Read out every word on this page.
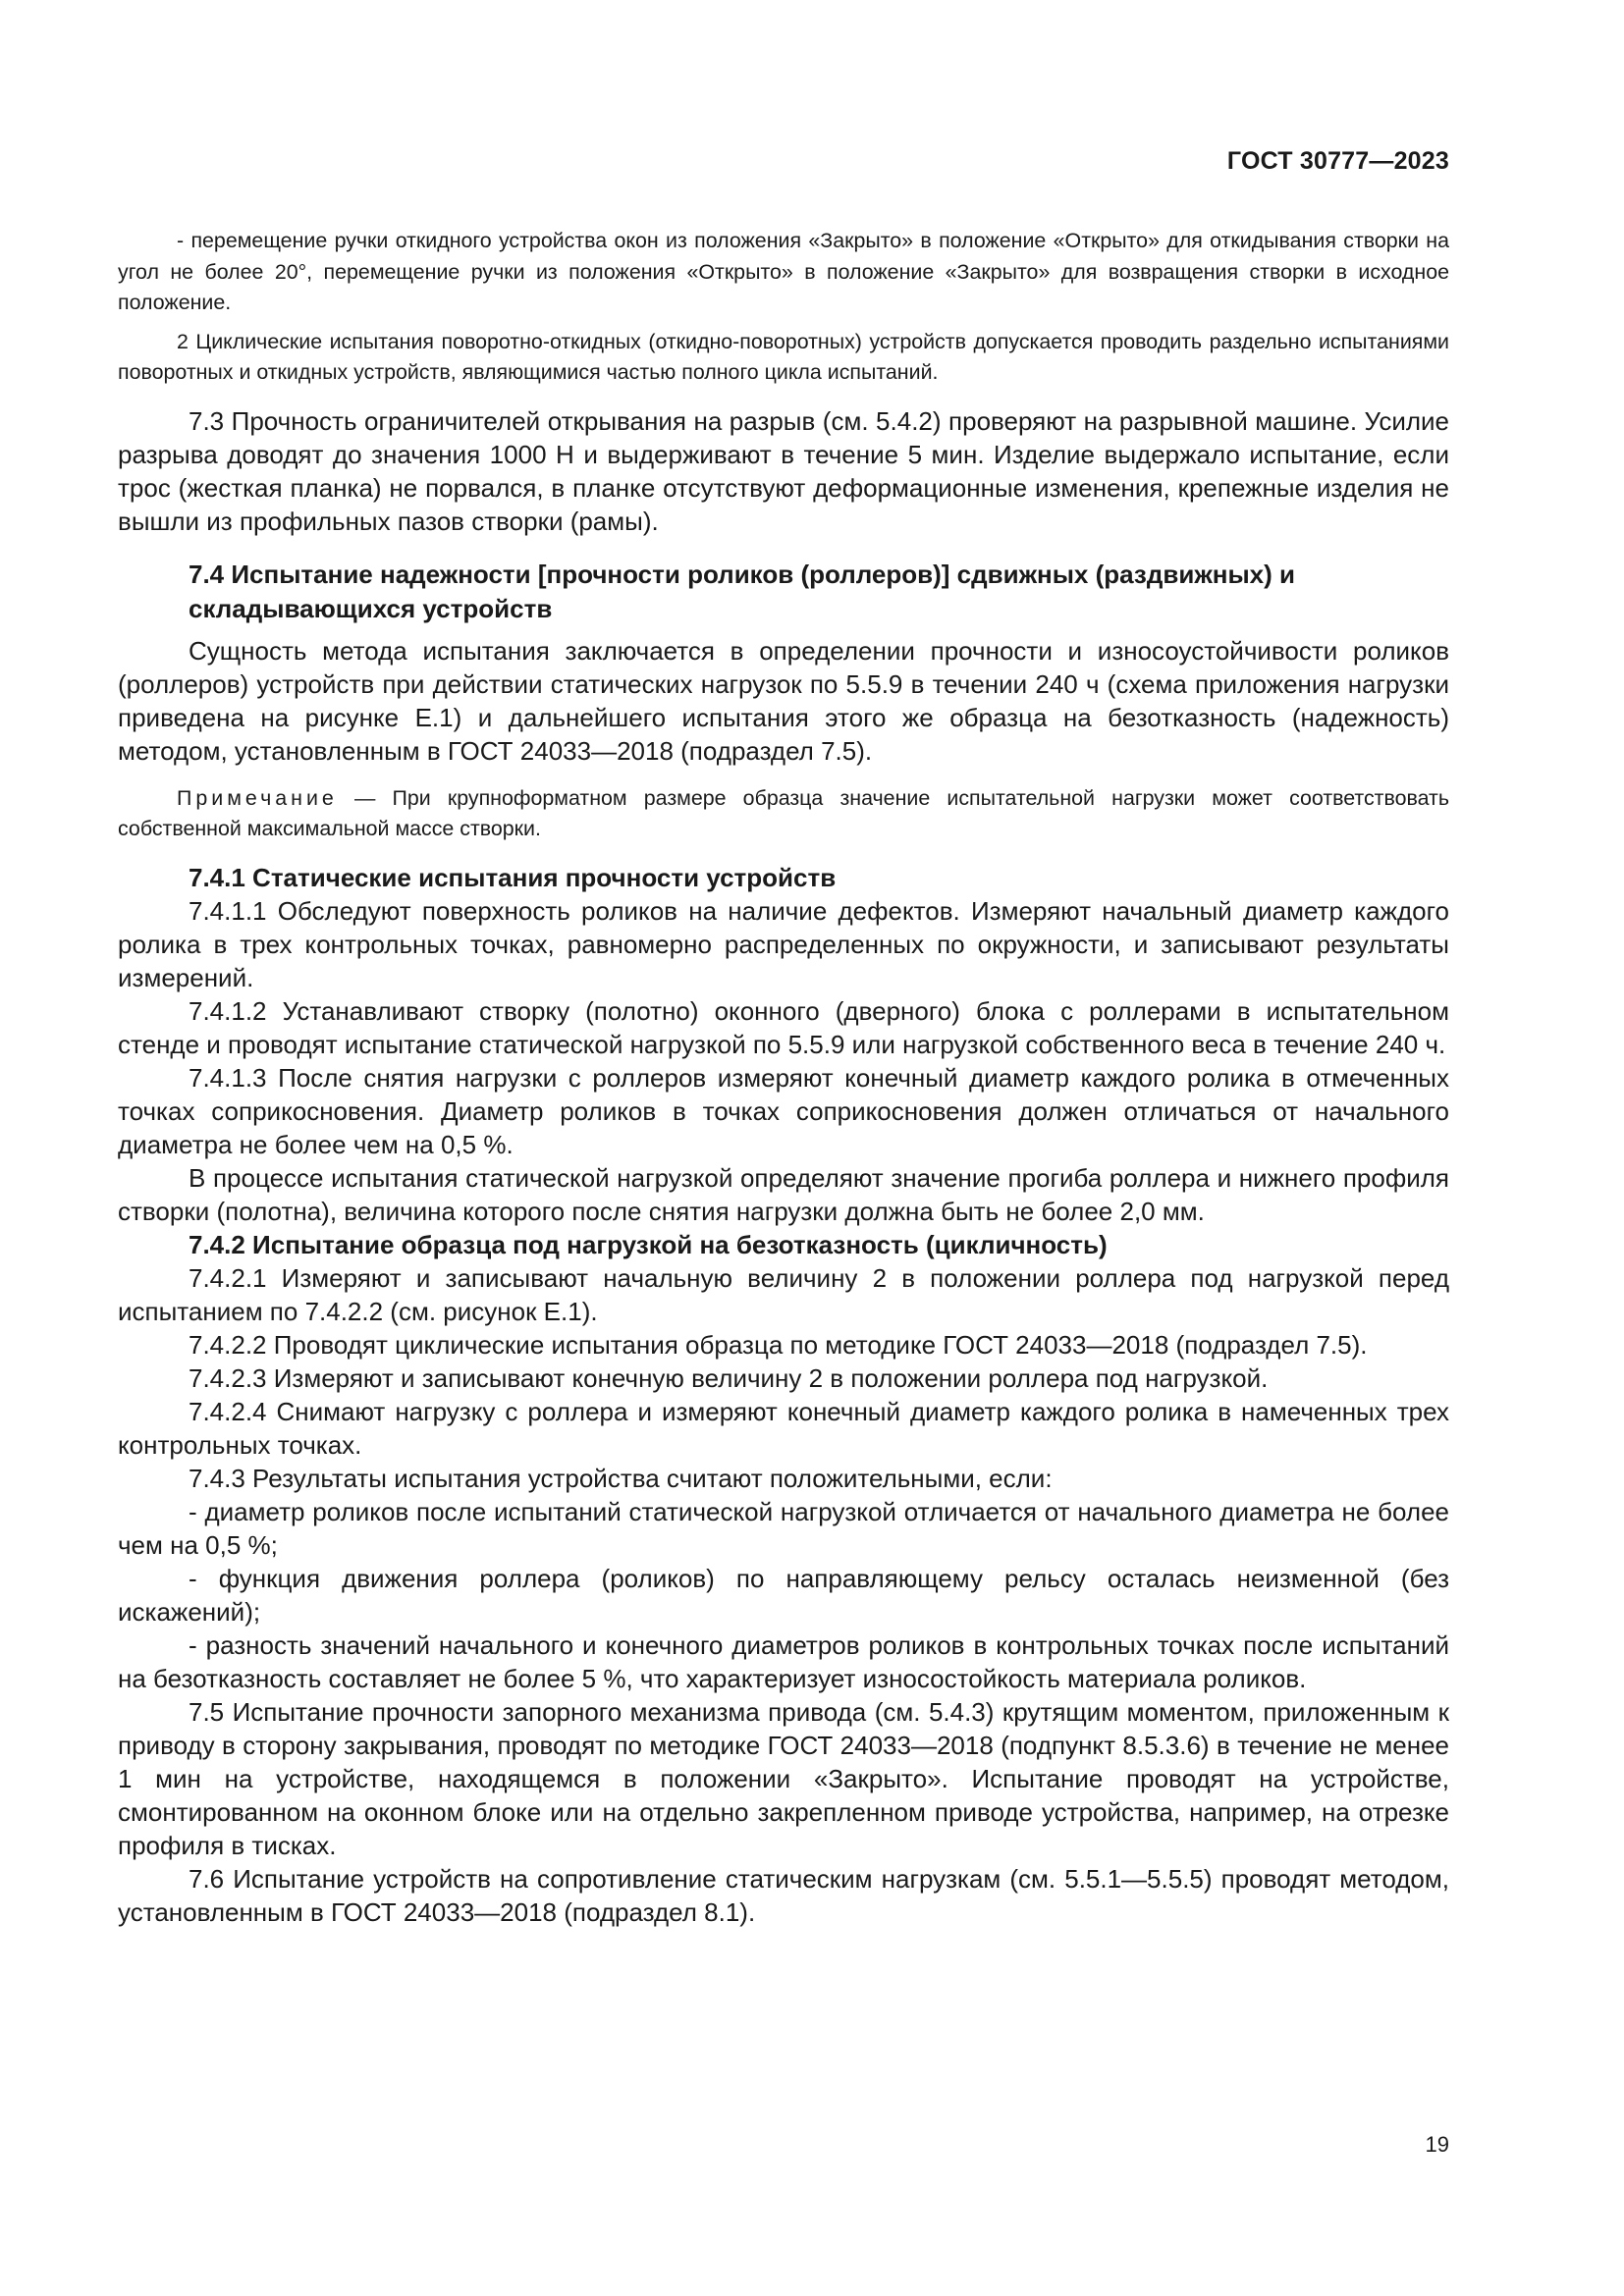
ГОСТ 30777—2023

- перемещение ручки откидного устройства окон из положения «Закрыто» в положение «Открыто» для откидывания створки на угол не более 20°, перемещение ручки из положения «Открыто» в положение «Закрыто» для возвращения створки в исходное положение.

2 Циклические испытания поворотно-откидных (откидно-поворотных) устройств допускается проводить раздельно испытаниями поворотных и откидных устройств, являющимися частью полного цикла испытаний.

7.3 Прочность ограничителей открывания на разрыв (см. 5.4.2) проверяют на разрывной машине. Усилие разрыва доводят до значения 1000 Н и выдерживают в течение 5 мин. Изделие выдержало испытание, если трос (жесткая планка) не порвался, в планке отсутствуют деформационные изменения, крепежные изделия не вышли из профильных пазов створки (рамы).

7.4 Испытание надежности [прочности роликов (роллеров)] сдвижных (раздвижных) и складывающихся устройств

Сущность метода испытания заключается в определении прочности и износоустойчивости роликов (роллеров) устройств при действии статических нагрузок по 5.5.9 в течении 240 ч (схема приложения нагрузки приведена на рисунке Е.1) и дальнейшего испытания этого же образца на безотказность (надежность) методом, установленным в ГОСТ 24033—2018 (подраздел 7.5).

Примечание — При крупноформатном размере образца значение испытательной нагрузки может соответствовать собственной максимальной массе створки.

7.4.1 Статические испытания прочности устройств

7.4.1.1 Обследуют поверхность роликов на наличие дефектов. Измеряют начальный диаметр каждого ролика в трех контрольных точках, равномерно распределенных по окружности, и записывают результаты измерений.

7.4.1.2 Устанавливают створку (полотно) оконного (дверного) блока с роллерами в испытательном стенде и проводят испытание статической нагрузкой по 5.5.9 или нагрузкой собственного веса в течение 240 ч.

7.4.1.3 После снятия нагрузки с роллеров измеряют конечный диаметр каждого ролика в отмеченных точках соприкосновения. Диаметр роликов в точках соприкосновения должен отличаться от начального диаметра не более чем на 0,5 %.

В процессе испытания статической нагрузкой определяют значение прогиба роллера и нижнего профиля створки (полотна), величина которого после снятия нагрузки должна быть не более 2,0 мм.

7.4.2 Испытание образца под нагрузкой на безотказность (цикличность)

7.4.2.1 Измеряют и записывают начальную величину 2 в положении роллера под нагрузкой перед испытанием по 7.4.2.2 (см. рисунок Е.1).

7.4.2.2 Проводят циклические испытания образца по методике ГОСТ 24033—2018 (подраздел 7.5).

7.4.2.3 Измеряют и записывают конечную величину 2 в положении роллера под нагрузкой.

7.4.2.4 Снимают нагрузку с роллера и измеряют конечный диаметр каждого ролика в намеченных трех контрольных точках.

7.4.3 Результаты испытания устройства считают положительными, если:

- диаметр роликов после испытаний статической нагрузкой отличается от начального диаметра не более чем на 0,5 %;

- функция движения роллера (роликов) по направляющему рельсу осталась неизменной (без искажений);

- разность значений начального и конечного диаметров роликов в контрольных точках после испытаний на безотказность составляет не более 5 %, что характеризует износостойкость материала роликов.

7.5 Испытание прочности запорного механизма привода (см. 5.4.3) крутящим моментом, приложенным к приводу в сторону закрывания, проводят по методике ГОСТ 24033—2018 (подпункт 8.5.3.6) в течение не менее 1 мин на устройстве, находящемся в положении «Закрыто». Испытание проводят на устройстве, смонтированном на оконном блоке или на отдельно закрепленном приводе устройства, например, на отрезке профиля в тисках.

7.6 Испытание устройств на сопротивление статическим нагрузкам (см. 5.5.1—5.5.5) проводят методом, установленным в ГОСТ 24033—2018 (подраздел 8.1).

19
